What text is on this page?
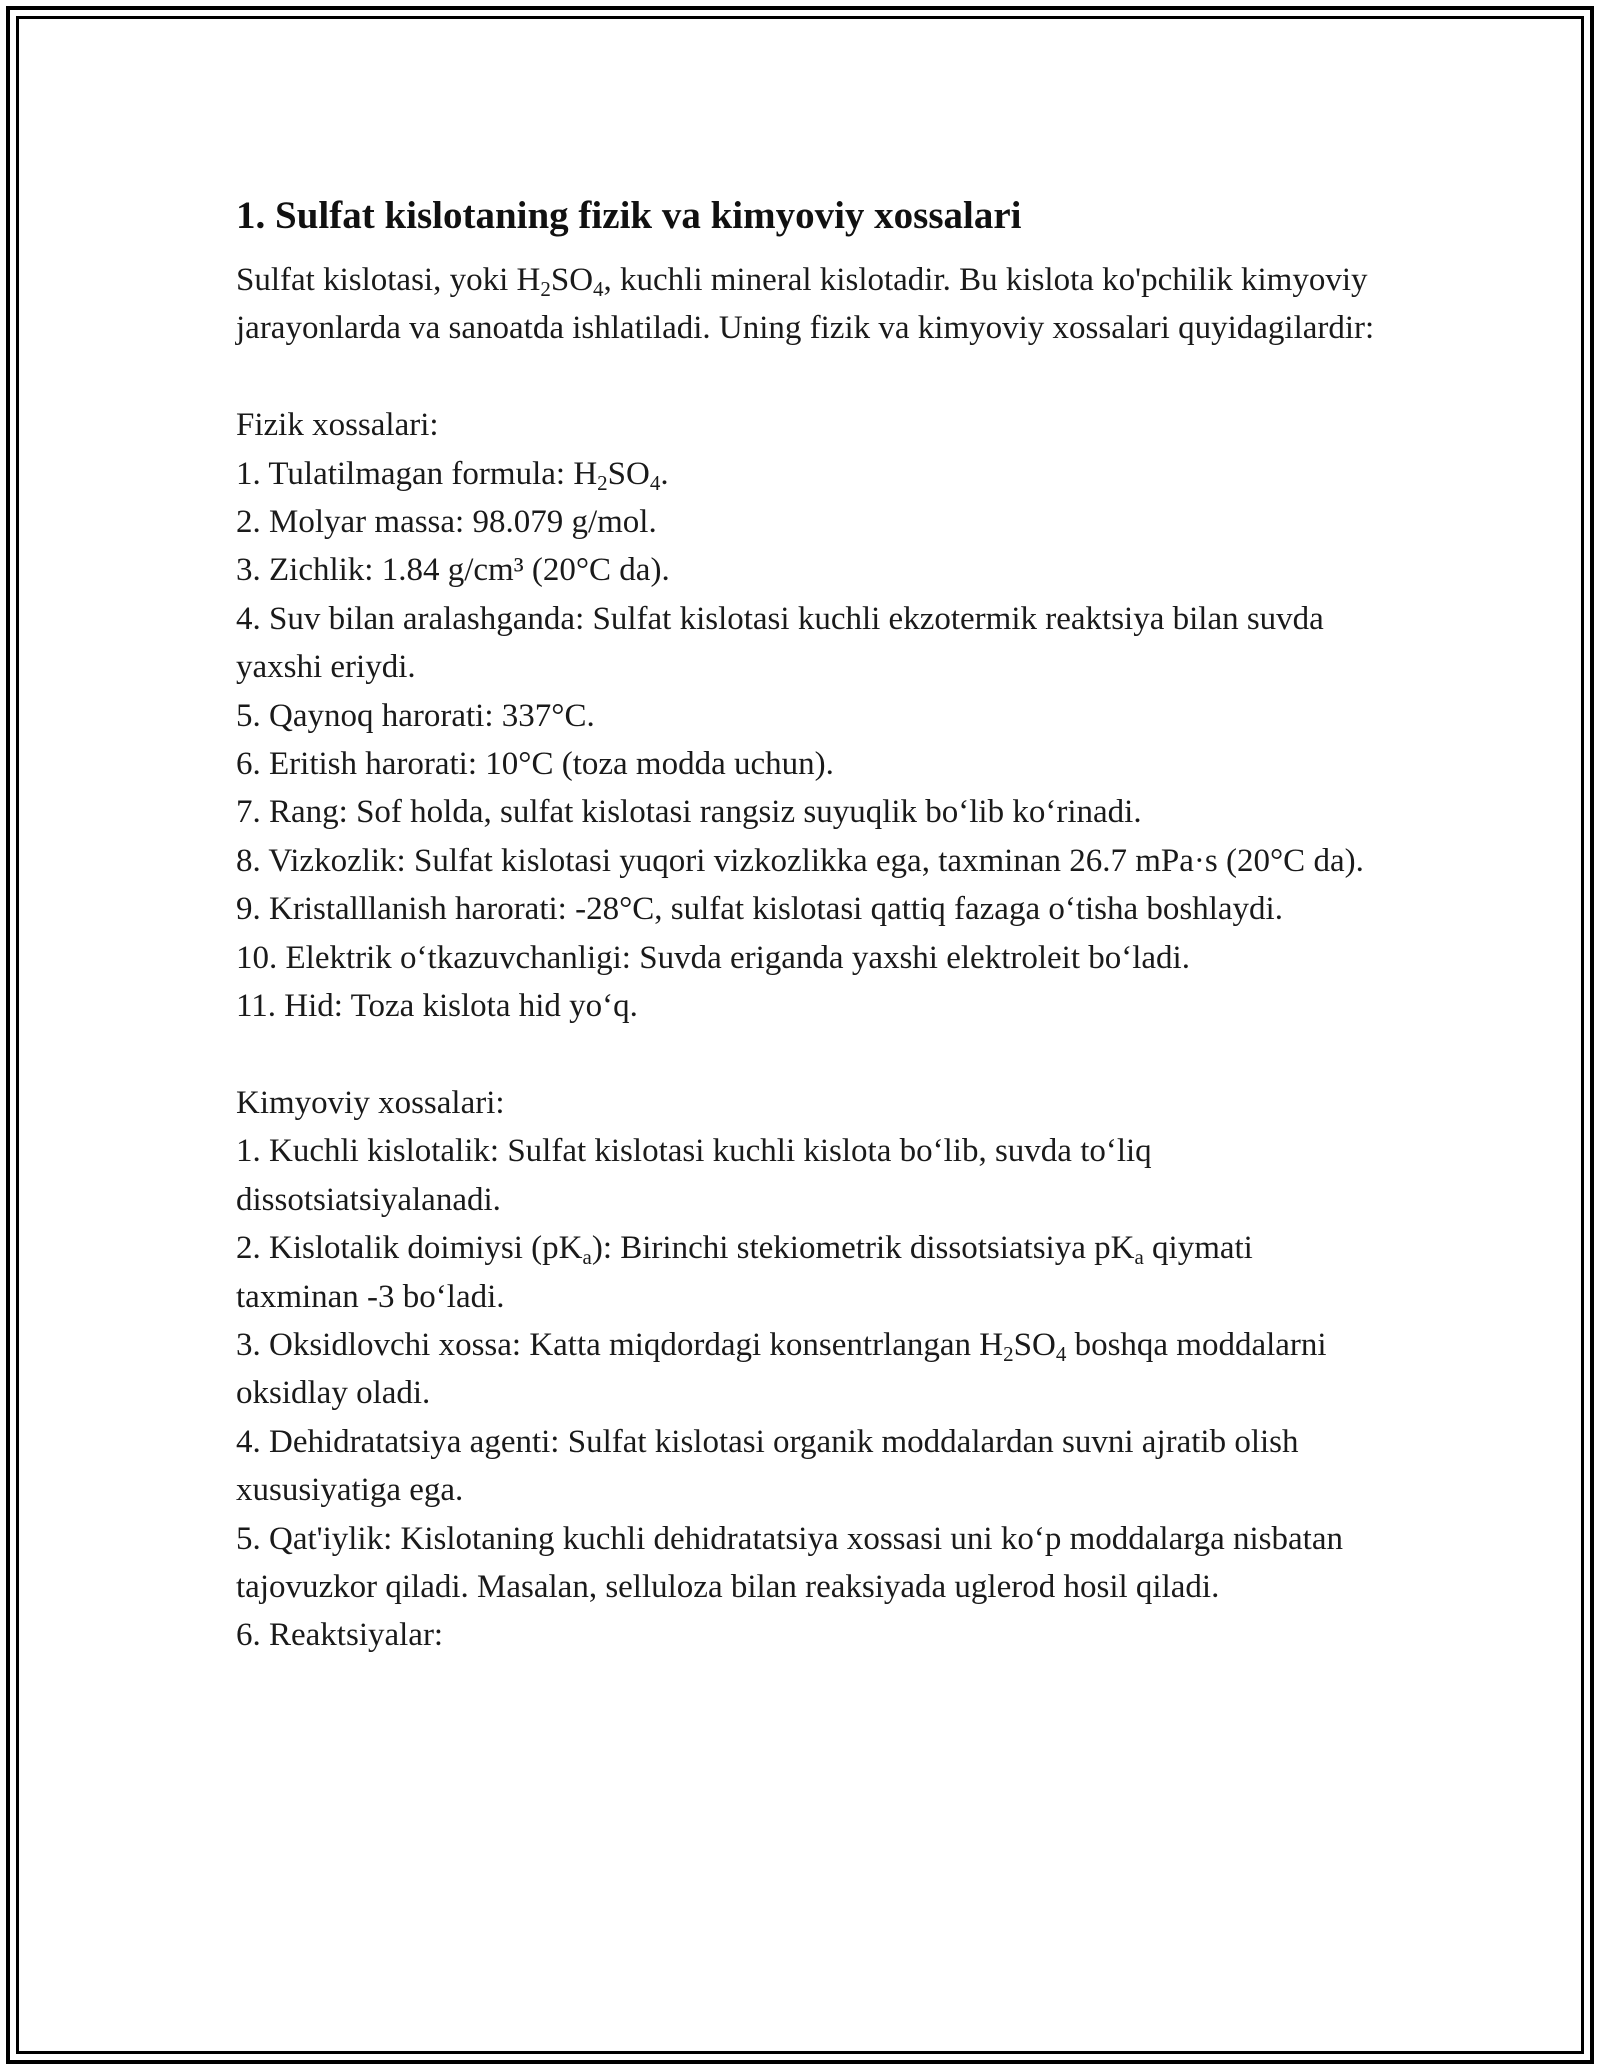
1. Sulfat kislotaning fizik va kimyoviy xossalari

Sulfat kislotasi, yoki $H_2SO_4$, kuchli mineral kislotadir. Bu kislota ko'pchilik kimyoviy jarayonlarda va sanoatda ishlatiladi. Uning fizik va kimyoviy xossalari quyidagilardir:

Fizik xossalari:

1. Tulatilmagan formula: $H_2SO_4$.

2. Molyar massa: 98.079 g/mol.

3. Zichlik: 1.84 g/cm³ (20°C da).

4. Suv bilan aralashganda: Sulfat kislotasi kuchli ekzotermik reaktsiya bilan suvda yaxshi eriydi.

5. Qaynoq harorati: 337°C.

6. Eritish harorati: 10°C (toza modda uchun).

7. Rang: Sof holda, sulfat kislotasi rangsiz suyuqlik bo‘lib ko‘rinadi.

8. Vizkozlik: Sulfat kislotasi yuqori vizkozlikka ega, taxminan 26.7 mPa·s (20°C da).

9. Kristalllanish harorati: -28°C, sulfat kislotasi qattiq fazaga o‘tisha boshlaydi.

10. Elektrik o‘tkazuvchanligi: Suvda eriganda yaxshi elektroleit bo‘ladi.

11. Hid: Toza kislota hid yo‘q.

Kimyoviy xossalari:

1. Kuchli kislotalik: Sulfat kislotasi kuchli kislota bo‘lib, suvda to‘liq dissotsiatsiyalanadi.

2. Kislotalik doimiysi $(pK_a)$: Birinchi stekiometrik dissotsiatsiya $pK_a$ qiymati taxminan -3 bo‘ladi.

3. Oksidlovchi xossa: Katta miqdordagi konsentrlangan $H_2SO_4$ boshqa moddalarni oksidlay oladi.

4. Dehidratatsiya agenti: Sulfat kislotasi organik moddalardan suvni ajratib olish xususiyatiga ega.

5. Qat'iylik: Kislotaning kuchli dehidratatsiya xossasi uni ko‘p moddalarga nisbatan tajovuzkor qiladi. Masalan, selluloza bilan reaksiyada uglerod hosil qiladi.

6. Reaktsiyalar:
